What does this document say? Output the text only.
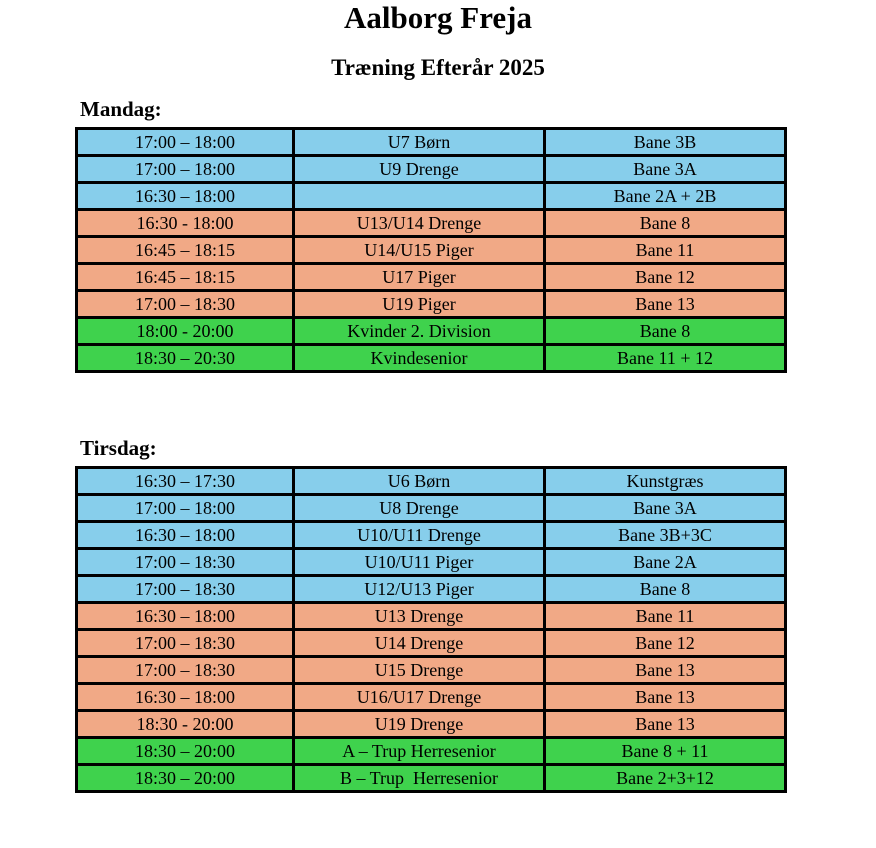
Aalborg Freja
Træning Efterår 2025
Mandag:
17:00 – 18:00	U7 Børn	Bane 3B
17:00 – 18:00	U9 Drenge	Bane 3A
16:30 – 18:00		Bane 2A + 2B
16:30 - 18:00	U13/U14 Drenge	Bane 8
16:45 – 18:15	U14/U15 Piger	Bane 11
16:45 – 18:15	U17 Piger	Bane 12
17:00 – 18:30	U19 Piger	Bane 13
18:00 - 20:00	Kvinder 2. Division	Bane 8
18:30 – 20:30	Kvindesenior	Bane 11 + 12
Tirsdag:
16:30 – 17:30	U6 Børn	Kunstgræs
17:00 – 18:00	U8 Drenge	Bane 3A
16:30 – 18:00	U10/U11 Drenge	Bane 3B+3C
17:00 – 18:30	U10/U11 Piger	Bane 2A
17:00 – 18:30	U12/U13 Piger	Bane 8
16:30 – 18:00	U13 Drenge	Bane 11
17:00 – 18:30	U14 Drenge	Bane 12
17:00 – 18:30	U15 Drenge	Bane 13
16:30 – 18:00	U16/U17 Drenge	Bane 13
18:30 - 20:00	U19 Drenge	Bane 13
18:30 – 20:00	A – Trup Herresenior	Bane 8 + 11
18:30 – 20:00	B – Trup  Herresenior	Bane 2+3+12
